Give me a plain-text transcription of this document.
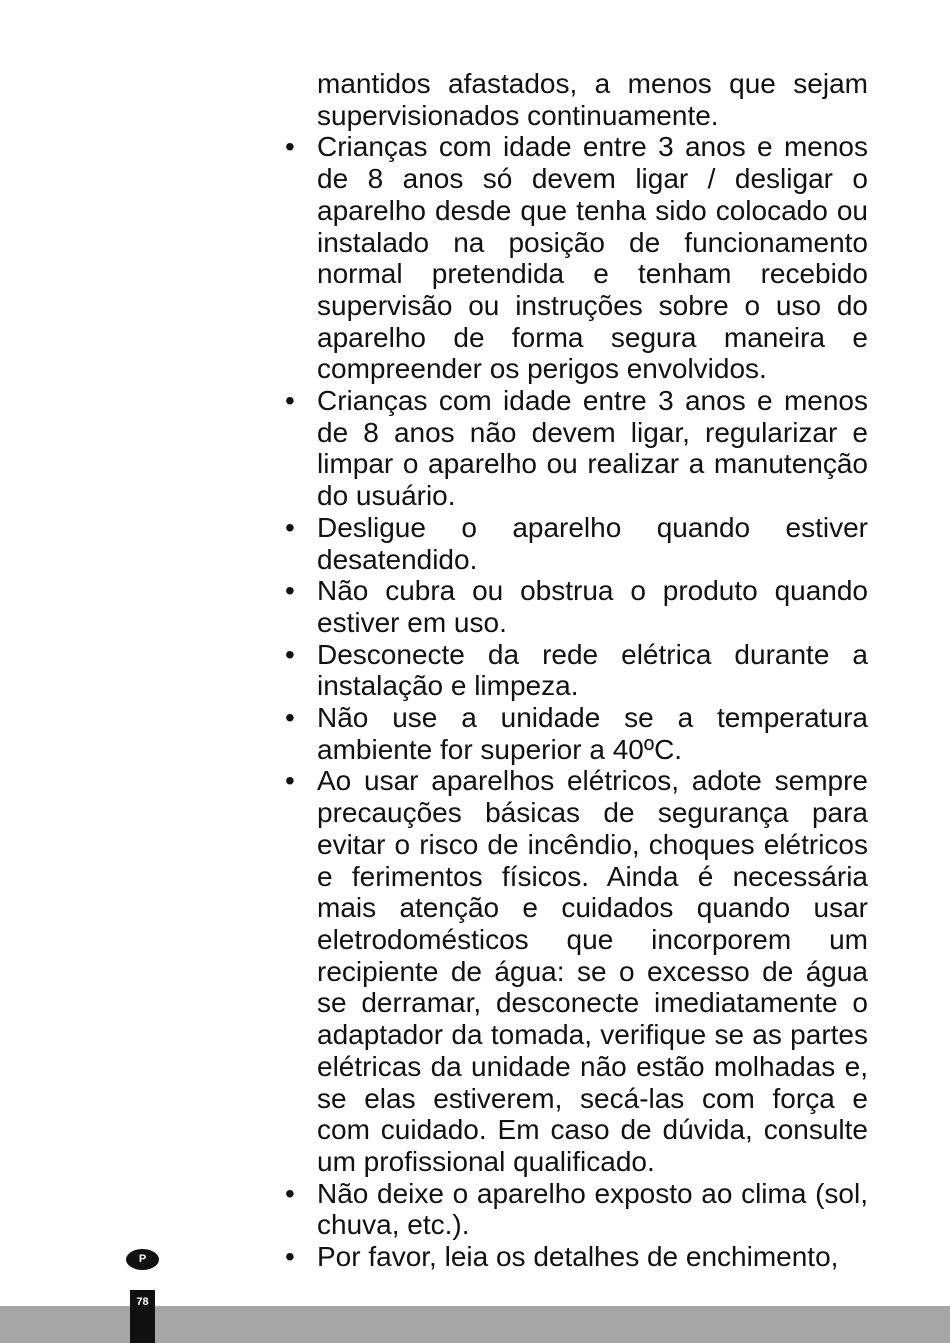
mantidos afastados, a menos que sejam supervisionados continuamente.

• Crianças com idade entre 3 anos e menos de 8 anos só devem ligar / desligar o aparelho desde que tenha sido colocado ou instalado na posição de funcionamento normal pretendida e tenham recebido supervisão ou instruções sobre o uso do aparelho de forma segura maneira e compreender os perigos envolvidos.

• Crianças com idade entre 3 anos e menos de 8 anos não devem ligar, regularizar e limpar o aparelho ou realizar a manutenção do usuário.

• Desligue o aparelho quando estiver desatendido.

• Não cubra ou obstrua o produto quando estiver em uso.

• Desconecte da rede elétrica durante a instalação e limpeza.

• Não use a unidade se a temperatura ambiente for superior a 40ºC.

• Ao usar aparelhos elétricos, adote sempre precauções básicas de segurança para evitar o risco de incêndio, choques elétricos e ferimentos físicos. Ainda é necessária mais atenção e cuidados quando usar eletrodomésticos que incorporem um recipiente de água: se o excesso de água se derramar, desconecte imediatamente o adaptador da tomada, verifique se as partes elétricas da unidade não estão molhadas e, se elas estiverem, secá-las com força e com cuidado. Em caso de dúvida, consulte um profissional qualificado.

• Não deixe o aparelho exposto ao clima (sol, chuva, etc.).

• Por favor, leia os detalhes de enchimento,

P
78
